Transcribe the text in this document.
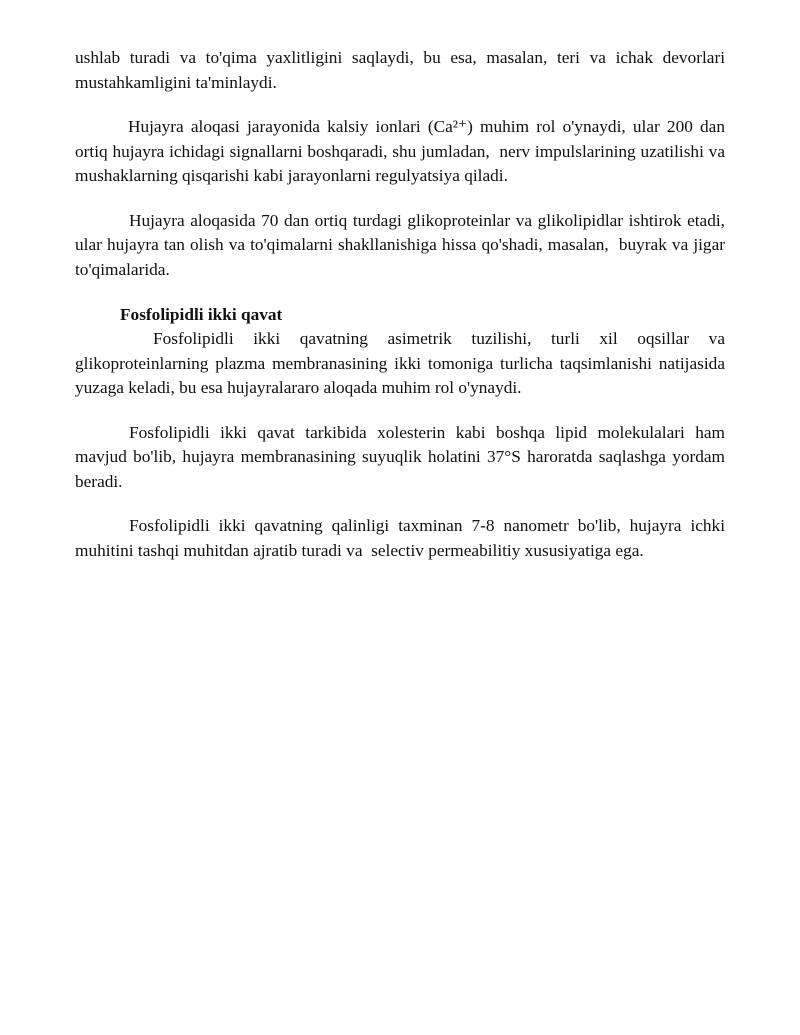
ushlab turadi va to'qima yaxlitligini saqlaydi, bu esa, masalan, teri va ichak devorlari mustahkamligini ta'minlaydi.

Hujayra aloqasi jarayonida kalsiy ionlari (Ca²⁺) muhim rol o'ynaydi, ular 200 dan ortiq hujayra ichidagi signallarni boshqaradi, shu jumladan,  nerv impulslarining uzatilishi va mushaklarning qisqarishi kabi jarayonlarni regulyatsiya qiladi.

Hujayra aloqasida 70 dan ortiq turdagi glikoproteinlar va glikolipidlar ishtirok etadi, ular hujayra tan olish va to'qimalarni shakllanishiga hissa qo'shadi, masalan,  buyrak va jigar to'qimalarida.

Fosfolipidli ikki qavat

Fosfolipidli ikki qavatning asimetrik tuzilishi, turli xil oqsillar va glikoproteinlarning plazma membranasining ikki tomoniga turlicha taqsimlanishi natijasida yuzaga keladi, bu esa hujayralararo aloqada muhim rol o'ynaydi.

Fosfolipidli ikki qavat tarkibida xolesterin kabi boshqa lipid molekulalari ham mavjud bo'lib, hujayra membranasining suyuqlik holatini 37°S haroratda saqlashga yordam beradi.

Fosfolipidli ikki qavatning qalinligi taxminan 7-8 nanometr bo'lib, hujayra ichki muhitini tashqi muhitdan ajratib turadi va  selectiv permeabilitiy xususiyatiga ega.
